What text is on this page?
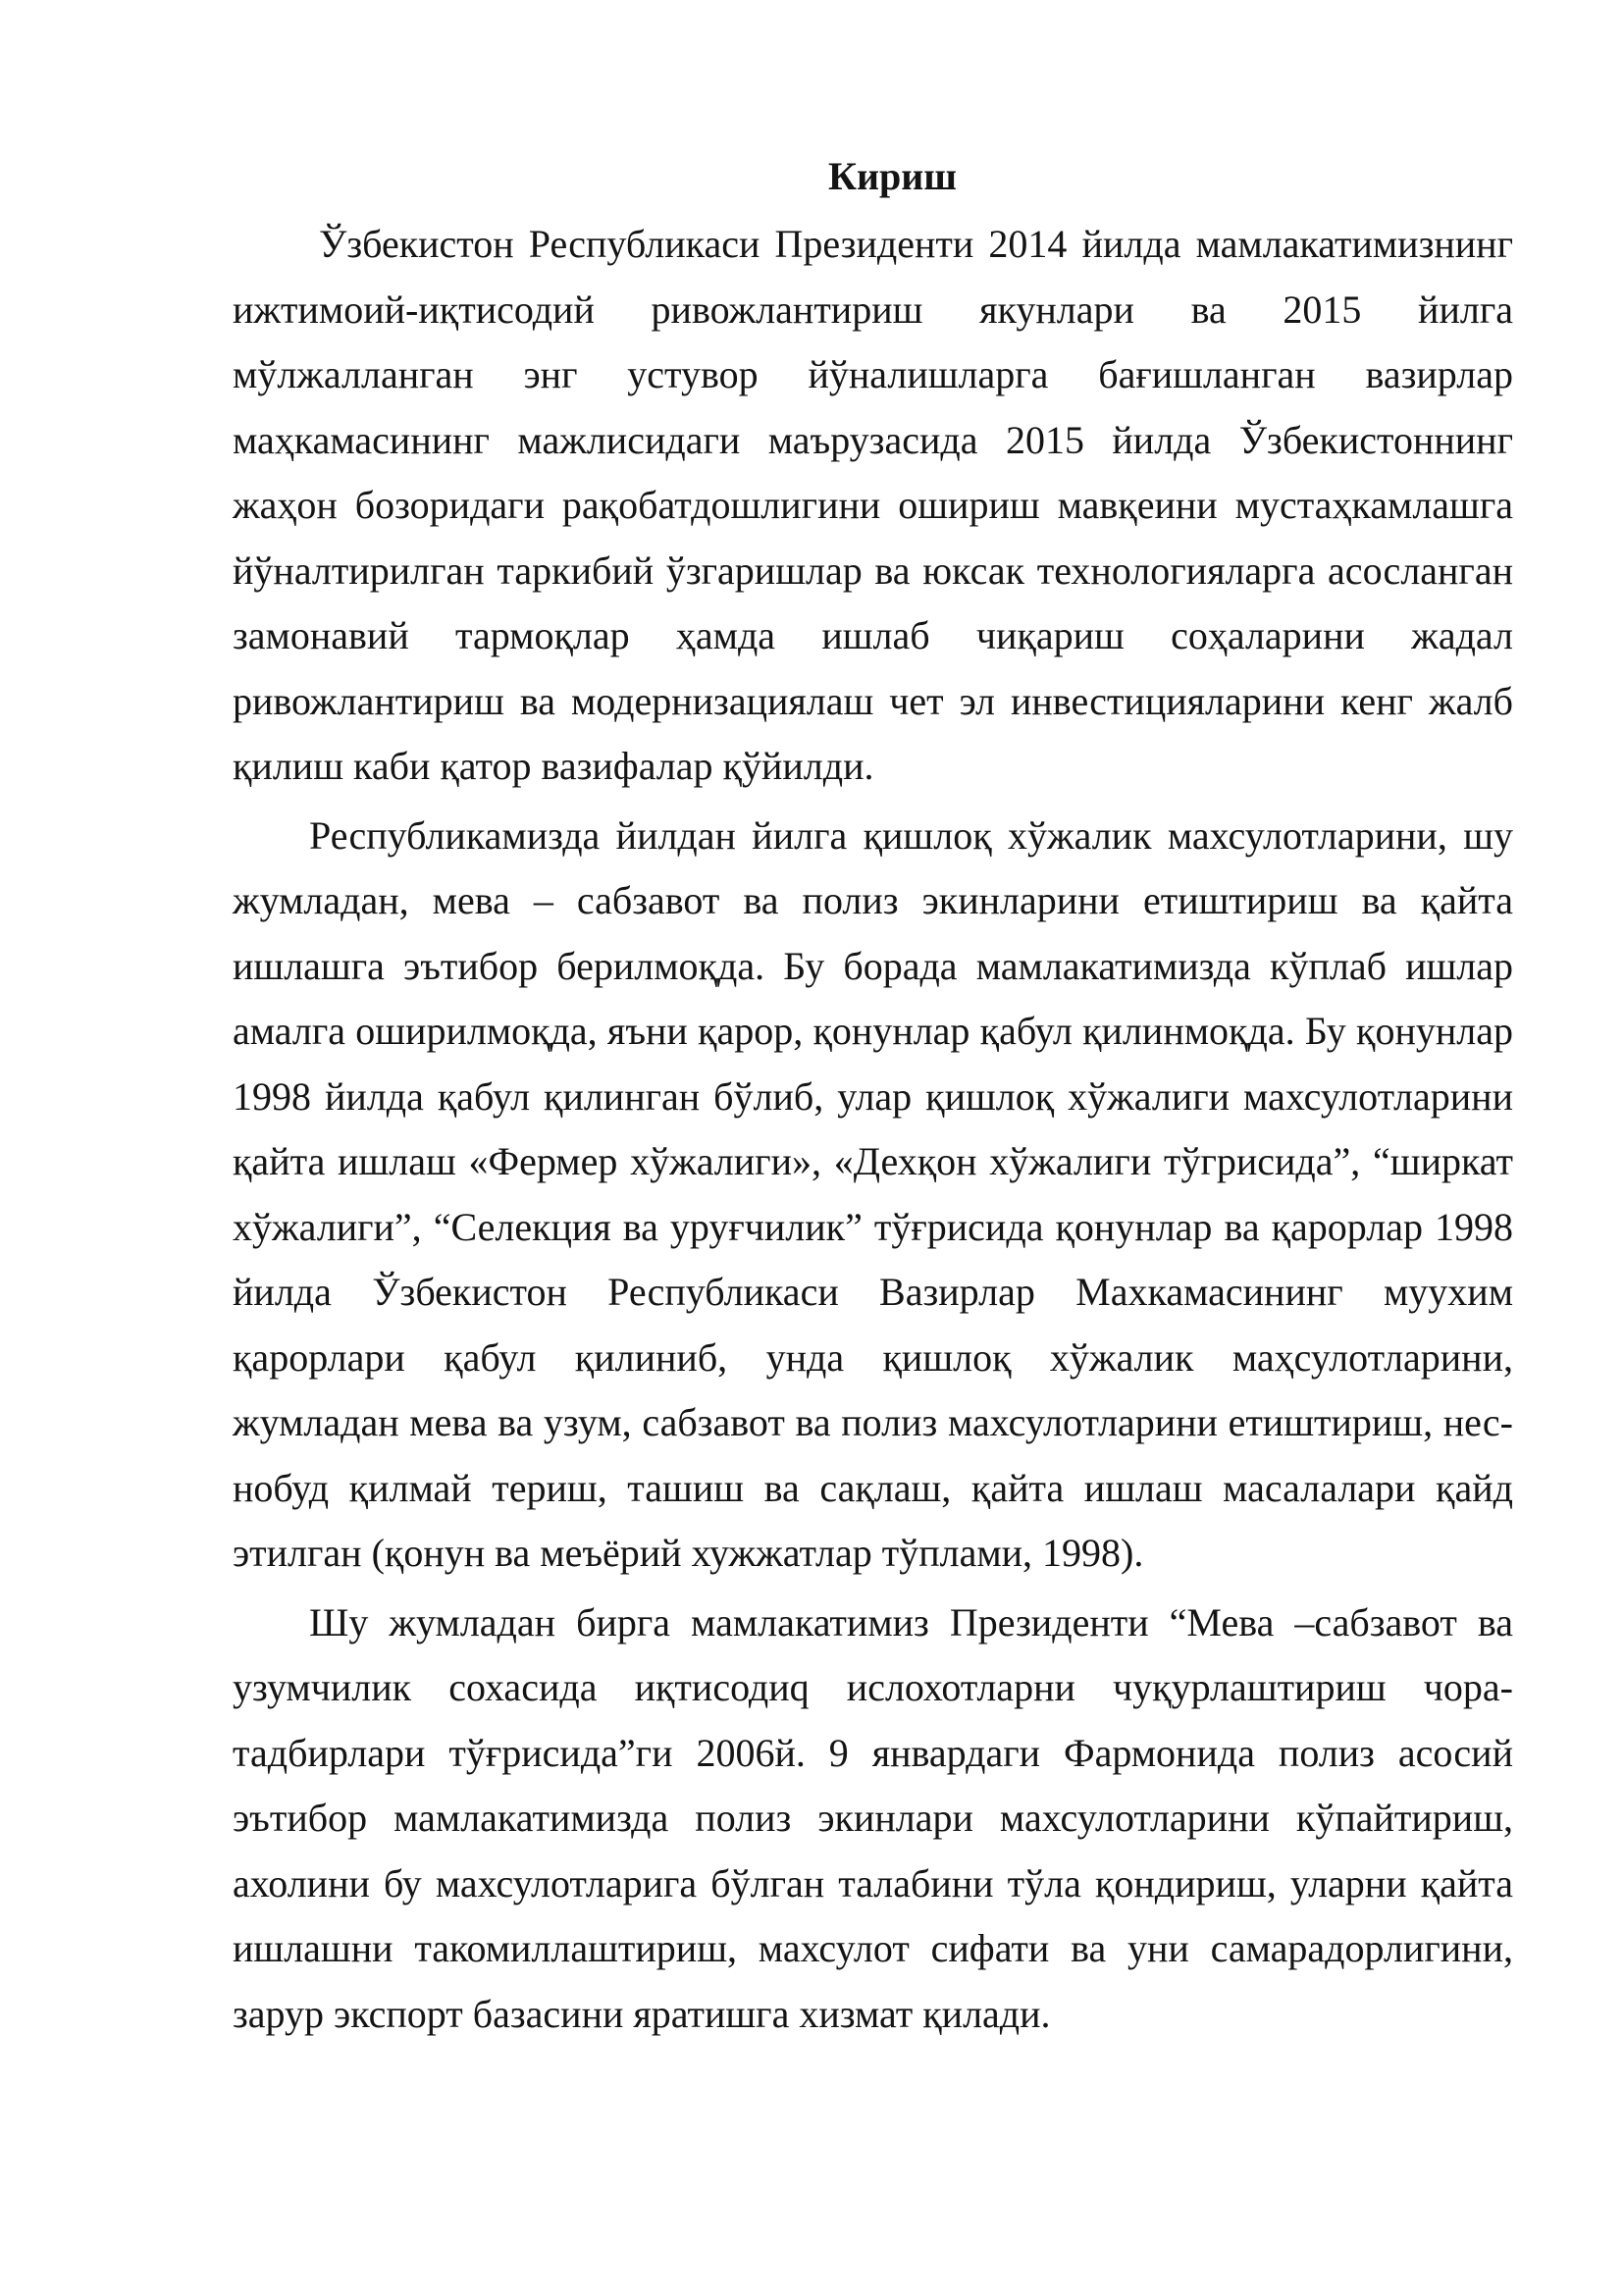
Кириш

Ўзбекистон Республикаси Президенти 2014 йилда мамлакатимизнинг ижтимоий-иқтисодий ривожлантириш якунлари ва 2015 йилга мўлжалланган энг устувор йўналишларга бағишланган вазирлар маҳкамасининг мажлисидаги маърузасида 2015 йилда Ўзбекистоннинг жаҳон бозоридаги рақобатдошлигини ошириш мавқеини мустаҳкамлашга йўналтирилган таркибий ўзгаришлар ва юксак технологияларга асосланган замонавий тармоқлар ҳамда ишлаб чиқариш соҳаларини жадал ривожлантириш ва модернизациялаш чет эл инвестицияларини кенг жалб қилиш каби қатор вазифалар қўйилди.

Республикамизда йилдан йилга қишлоқ хўжалик махсулотларини, шу жумладан, мева – сабзавот ва полиз экинларини етиштириш ва қайта ишлашга эътибор берилмоқда. Бу борада мамлакатимизда кўплаб ишлар амалга оширилмоқда, яъни қарор, қонунлар қабул қилинмоқда. Бу қонунлар 1998 йилда қабул қилинган бўлиб, улар қишлоқ хўжалиги махсулотларини қайта ишлаш «Фермер хўжалиги», «Дехқон хўжалиги тўгрисида”, “ширкат хўжалиги”, “Селекция ва уруғчилик” тўғрисида қонунлар ва қарорлар 1998 йилда Ўзбекистон Республикаси Вазирлар Махкамасининг муухим қарорлари қабул қилиниб, унда қишлоқ хўжалик маҳсулотларини, жумладан мева ва узум, сабзавот ва полиз махсулотларини етиштириш, нес-нобуд қилмай териш, ташиш ва сақлаш, қайта ишлаш масалалари қайд этилган (қонун ва меъёрий хужжатлар тўплами, 1998).

Шу жумладан бирга мамлакатимиз Президенти “Мева –сабзавот ва узумчилик сохасида иқтисодиq ислохотларни чуқурлаштириш чора-тадбирлари тўғрисида”ги 2006й. 9 январдаги Фармонида полиз асосий эътибор мамлакатимизда полиз экинлари махсулотларини кўпайтириш, ахолини бу махсулотларига бўлган талабини тўла қондириш, уларни қайта ишлашни такомиллаштириш, махсулот сифати ва уни самарадорлигини, зарур экспорт базасини яратишга хизмат қилади.
